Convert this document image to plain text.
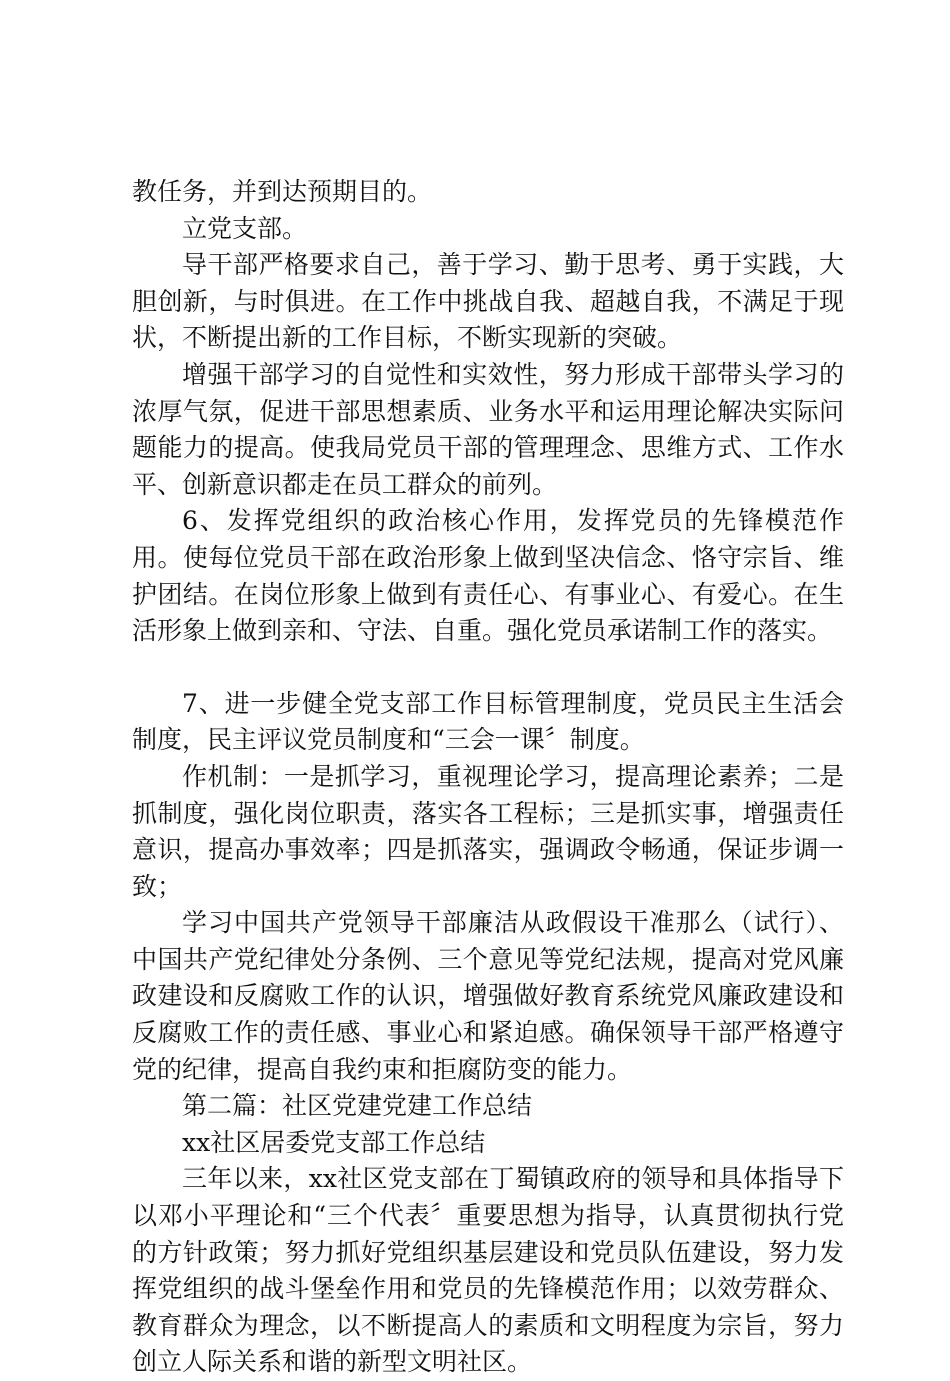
教任务，并到达预期目的。

立党支部。

导干部严格要求自己，善于学习、勤于思考、勇于实践，大胆创新，与时俱进。在工作中挑战自我、超越自我，不满足于现状，不断提出新的工作目标，不断实现新的突破。

增强干部学习的自觉性和实效性，努力形成干部带头学习的浓厚气氛，促进干部思想素质、业务水平和运用理论解决实际问题能力的提高。使我局党员干部的管理理念、思维方式、工作水平、创新意识都走在员工群众的前列。

6、发挥党组织的政治核心作用，发挥党员的先锋模范作用。使每位党员干部在政治形象上做到坚决信念、恪守宗旨、维护团结。在岗位形象上做到有责任心、有事业心、有爱心。在生活形象上做到亲和、守法、自重。强化党员承诺制工作的落实。

7、进一步健全党支部工作目标管理制度，党员民主生活会制度，民主评议党员制度和“三会一课〞制度。

作机制：一是抓学习，重视理论学习，提高理论素养；二是抓制度，强化岗位职责，落实各工程标；三是抓实事，增强责任意识，提高办事效率；四是抓落实，强调政令畅通，保证步调一致；

学习中国共产党领导干部廉洁从政假设干准那么（试行）、中国共产党纪律处分条例、三个意见等党纪法规，提高对党风廉政建设和反腐败工作的认识，增强做好教育系统党风廉政建设和反腐败工作的责任感、事业心和紧迫感。确保领导干部严格遵守党的纪律，提高自我约束和拒腐防变的能力。

第二篇：社区党建党建工作总结

xx社区居委党支部工作总结

三年以来，xx社区党支部在丁蜀镇政府的领导和具体指导下以邓小平理论和“三个代表〞重要思想为指导，认真贯彻执行党的方针政策；努力抓好党组织基层建设和党员队伍建设，努力发挥党组织的战斗堡垒作用和党员的先锋模范作用；以效劳群众、教育群众为理念，以不断提高人的素质和文明程度为宗旨，努力创立人际关系和谐的新型文明社区。
